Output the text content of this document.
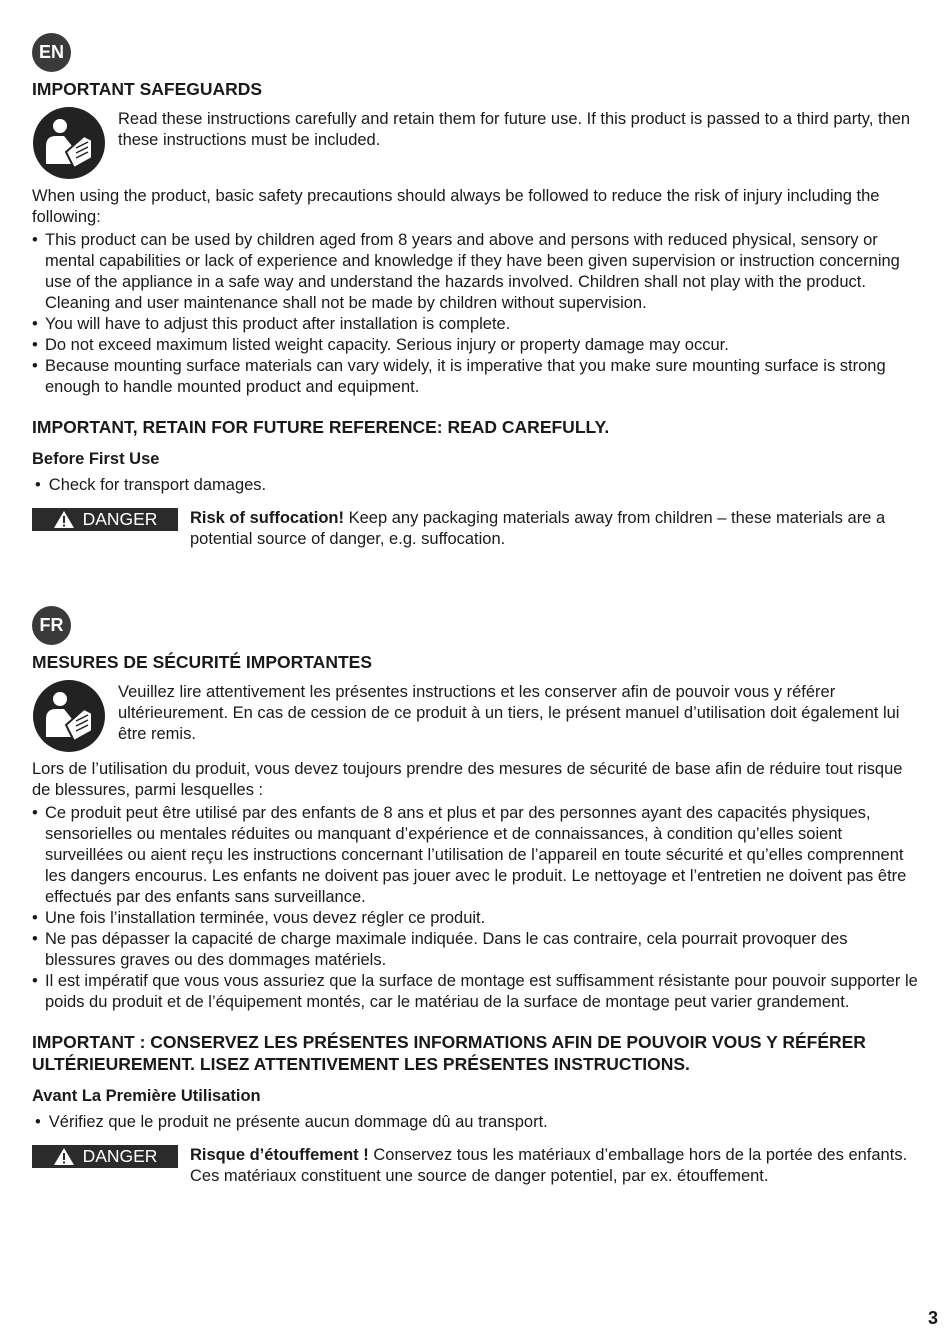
EN
IMPORTANT SAFEGUARDS
Read these instructions carefully and retain them for future use. If this product is passed to a third party, then these instructions must be included.
When using the product, basic safety precautions should always be followed to reduce the risk of injury including the following:
• This product can be used by children aged from 8 years and above and persons with reduced physical, sensory or mental capabilities or lack of experience and knowledge if they have been given supervision or instruction concerning use of the appliance in a safe way and understand the hazards involved. Children shall not play with the product. Cleaning and user maintenance shall not be made by children without supervision.
• You will have to adjust this product after installation is complete.
• Do not exceed maximum listed weight capacity. Serious injury or property damage may occur.
• Because mounting surface materials can vary widely, it is imperative that you make sure mounting surface is strong enough to handle mounted product and equipment.
IMPORTANT, RETAIN FOR FUTURE REFERENCE: READ CAREFULLY.
Before First Use
• Check for transport damages.
DANGER Risk of suffocation! Keep any packaging materials away from children – these materials are a potential source of danger, e.g. suffocation.
FR
MESURES DE SÉCURITÉ IMPORTANTES
Veuillez lire attentivement les présentes instructions et les conserver afin de pouvoir vous y référer ultérieurement. En cas de cession de ce produit à un tiers, le présent manuel d’utilisation doit également lui être remis.
Lors de l’utilisation du produit, vous devez toujours prendre des mesures de sécurité de base afin de réduire tout risque de blessures, parmi lesquelles :
• Ce produit peut être utilisé par des enfants de 8 ans et plus et par des personnes ayant des capacités physiques, sensorielles ou mentales réduites ou manquant d’expérience et de connaissances, à condition qu’elles soient surveillées ou aient reçu les instructions concernant l’utilisation de l’appareil en toute sécurité et qu’elles comprennent les dangers encourus. Les enfants ne doivent pas jouer avec le produit. Le nettoyage et l’entretien ne doivent pas être effectués par des enfants sans surveillance.
• Une fois l’installation terminée, vous devez régler ce produit.
• Ne pas dépasser la capacité de charge maximale indiquée. Dans le cas contraire, cela pourrait provoquer des blessures graves ou des dommages matériels.
• Il est impératif que vous vous assuriez que la surface de montage est suffisamment résistante pour pouvoir supporter le poids du produit et de l’équipement montés, car le matériau de la surface de montage peut varier grandement.
IMPORTANT : CONSERVEZ LES PRÉSENTES INFORMATIONS AFIN DE POUVOIR VOUS Y RÉFÉRER ULTÉRIEUREMENT. LISEZ ATTENTIVEMENT LES PRÉSENTES INSTRUCTIONS.
Avant La Première Utilisation
• Vérifiez que le produit ne présente aucun dommage dû au transport.
DANGER Risque d’étouffement ! Conservez tous les matériaux d’emballage hors de la portée des enfants. Ces matériaux constituent une source de danger potentiel, par ex. étouffement.
3
